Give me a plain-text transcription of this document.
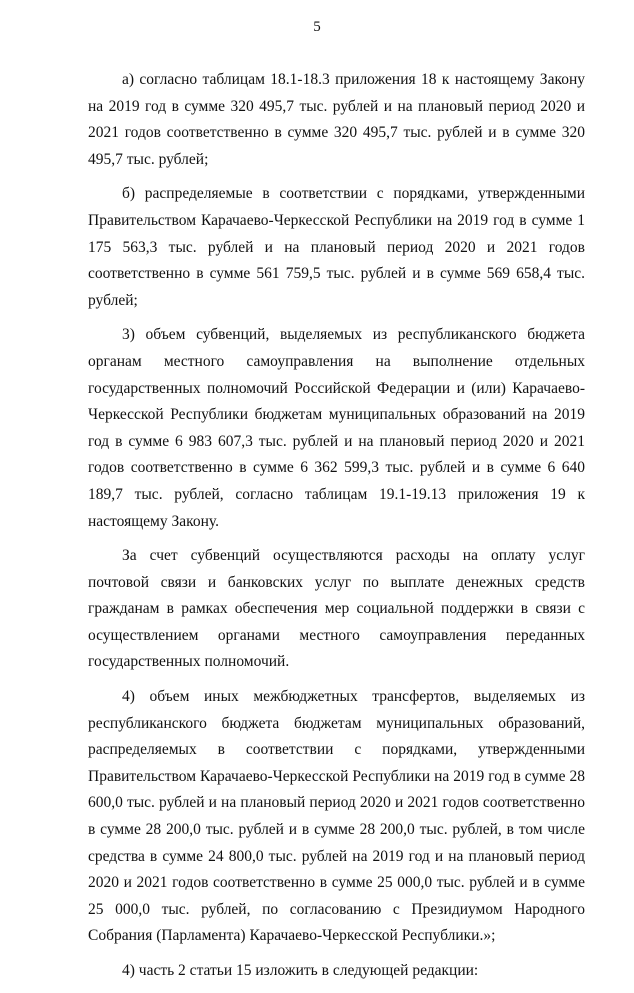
5

а) согласно таблицам 18.1-18.3 приложения 18 к настоящему Закону на 2019 год в сумме 320 495,7 тыс. рублей и на плановый период 2020 и 2021 годов соответственно в сумме 320 495,7 тыс. рублей и в сумме 320 495,7 тыс. рублей;

б) распределяемые в соответствии с порядками, утвержденными Правительством Карачаево-Черкесской Республики на 2019 год в сумме 1 175 563,3 тыс. рублей и на плановый период 2020 и 2021 годов соответственно в сумме 561 759,5 тыс. рублей и в сумме 569 658,4 тыс. рублей;

3) объем субвенций, выделяемых из республиканского бюджета органам местного самоуправления на выполнение отдельных государственных полномочий Российской Федерации и (или) Карачаево-Черкесской Республики бюджетам муниципальных образований на 2019 год в сумме 6 983 607,3 тыс. рублей и на плановый период 2020 и 2021 годов соответственно в сумме 6 362 599,3 тыс. рублей и в сумме 6 640 189,7 тыс. рублей, согласно таблицам 19.1-19.13 приложения 19 к настоящему Закону.

За счет субвенций осуществляются расходы на оплату услуг почтовой связи и банковских услуг по выплате денежных средств гражданам в рамках обеспечения мер социальной поддержки в связи с осуществлением органами местного самоуправления переданных государственных полномочий.

4) объем иных межбюджетных трансфертов, выделяемых из республиканского бюджета бюджетам муниципальных образований, распределяемых в соответствии с порядками, утвержденными Правительством Карачаево-Черкесской Республики на 2019 год в сумме 28 600,0 тыс. рублей и на плановый период 2020 и 2021 годов соответственно в сумме 28 200,0 тыс. рублей и в сумме 28 200,0 тыс. рублей, в том числе средства в сумме 24 800,0 тыс. рублей на 2019 год и на плановый период 2020 и 2021 годов соответственно в сумме 25 000,0 тыс. рублей и в сумме 25 000,0 тыс. рублей, по согласованию с Президиумом Народного Собрания (Парламента) Карачаево-Черкесской Республики.»;

4) часть 2 статьи 15 изложить в следующей редакции:
